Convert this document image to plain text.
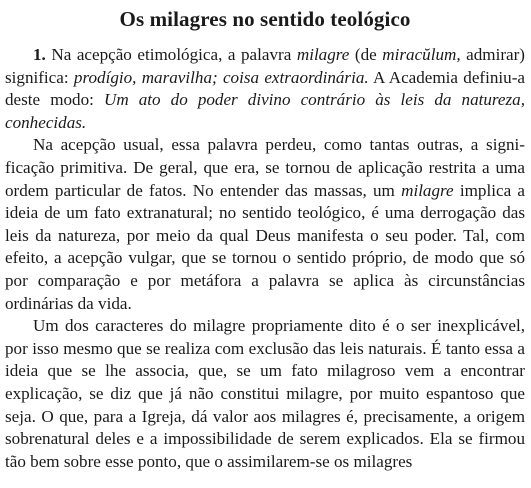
Os milagres no sentido teológico

1. Na acepção etimológica, a palavra milagre (de miracŭlum, admirar) significa: prodígio, maravilha; coisa extraordinária. A Academia definiu-a deste modo: Um ato do poder divino contrário às leis da natureza, conhecidas.

Na acepção usual, essa palavra perdeu, como tantas outras, a significação primitiva. De geral, que era, se tornou de aplicação restrita a uma ordem particular de fatos. No entender das massas, um milagre implica a ideia de um fato extranatural; no sentido teológico, é uma derrogação das leis da natureza, por meio da qual Deus manifesta o seu poder. Tal, com efeito, a acepção vulgar, que se tornou o sentido próprio, de modo que só por comparação e por metáfora a palavra se aplica às circunstâncias ordinárias da vida.

Um dos caracteres do milagre propriamente dito é o ser inexplicável, por isso mesmo que se realiza com exclusão das leis naturais. É tanto essa a ideia que se lhe associa, que, se um fato milagroso vem a encontrar explicação, se diz que já não constitui milagre, por muito espantoso que seja. O que, para a Igreja, dá valor aos milagres é, precisamente, a origem sobrenatural deles e a impossibilidade de serem explicados. Ela se firmou tão bem sobre esse ponto, que o assimilarem-se os milagres
